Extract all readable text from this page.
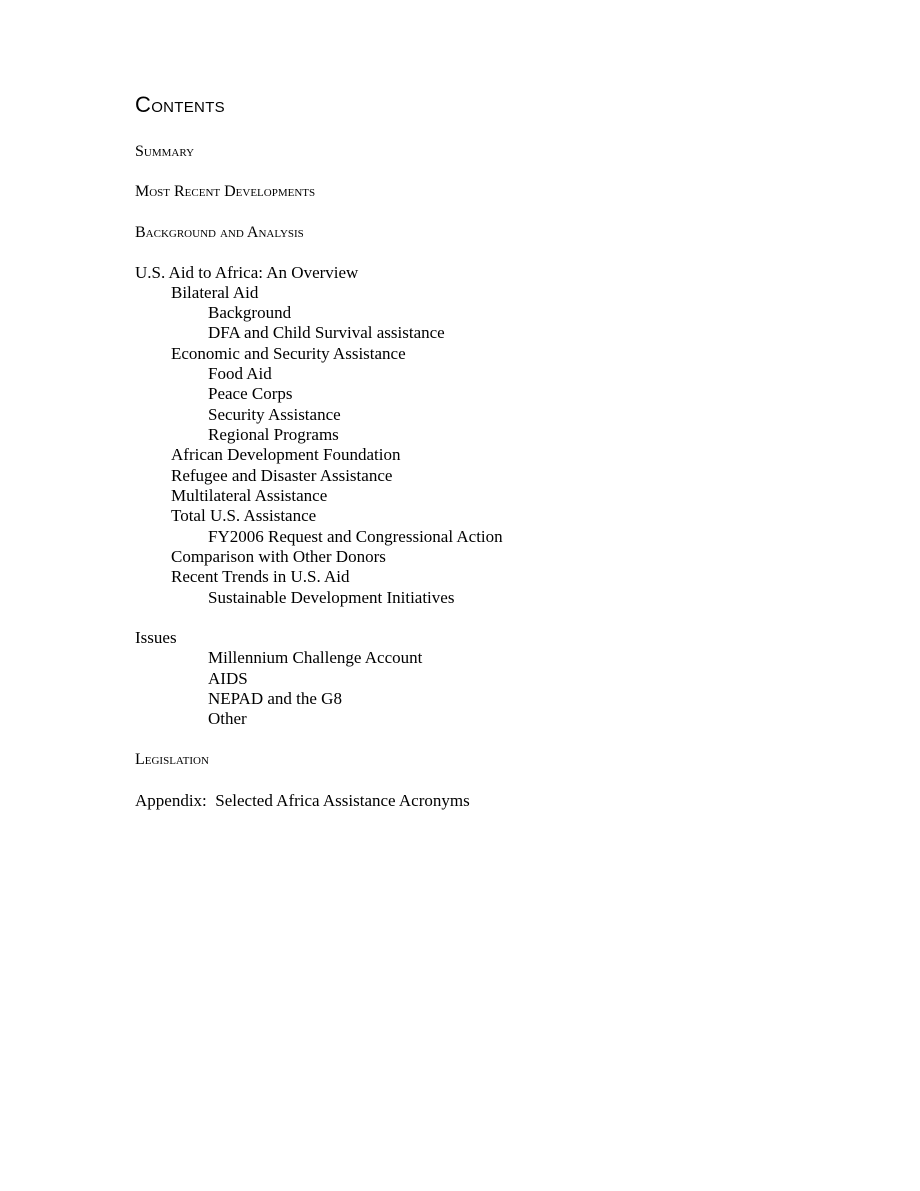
Contents
Summary
Most Recent Developments
Background and Analysis
U.S. Aid to Africa: An Overview
Bilateral Aid
Background
DFA and Child Survival assistance
Economic and Security Assistance
Food Aid
Peace Corps
Security Assistance
Regional Programs
African Development Foundation
Refugee and Disaster Assistance
Multilateral Assistance
Total U.S. Assistance
FY2006 Request and Congressional Action
Comparison with Other Donors
Recent Trends in U.S. Aid
Sustainable Development Initiatives
Issues
Millennium Challenge Account
AIDS
NEPAD and the G8
Other
Legislation
Appendix:  Selected Africa Assistance Acronyms
